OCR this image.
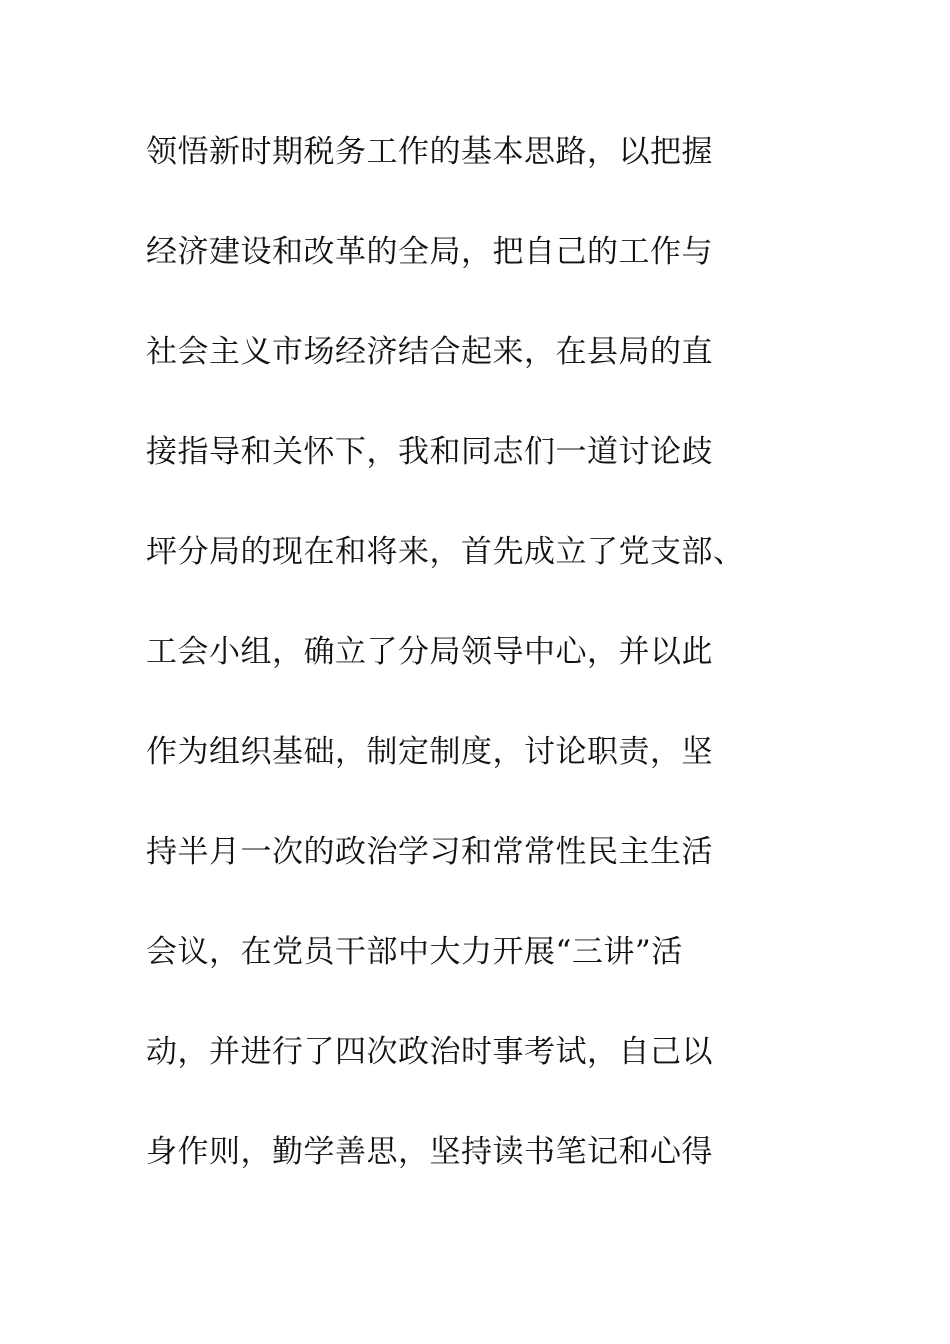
领悟新时期税务工作的基本思路，以把握
经济建设和改革的全局，把自己的工作与
社会主义市场经济结合起来，在县局的直
接指导和关怀下，我和同志们一道讨论歧
坪分局的现在和将来，首先成立了党支部、
工会小组，确立了分局领导中心，并以此
作为组织基础，制定制度，讨论职责，坚
持半月一次的政治学习和常常性民主生活
会议，在党员干部中大力开展“三讲”活
动，并进行了四次政治时事考试，自己以
身作则，勤学善思，坚持读书笔记和心得
